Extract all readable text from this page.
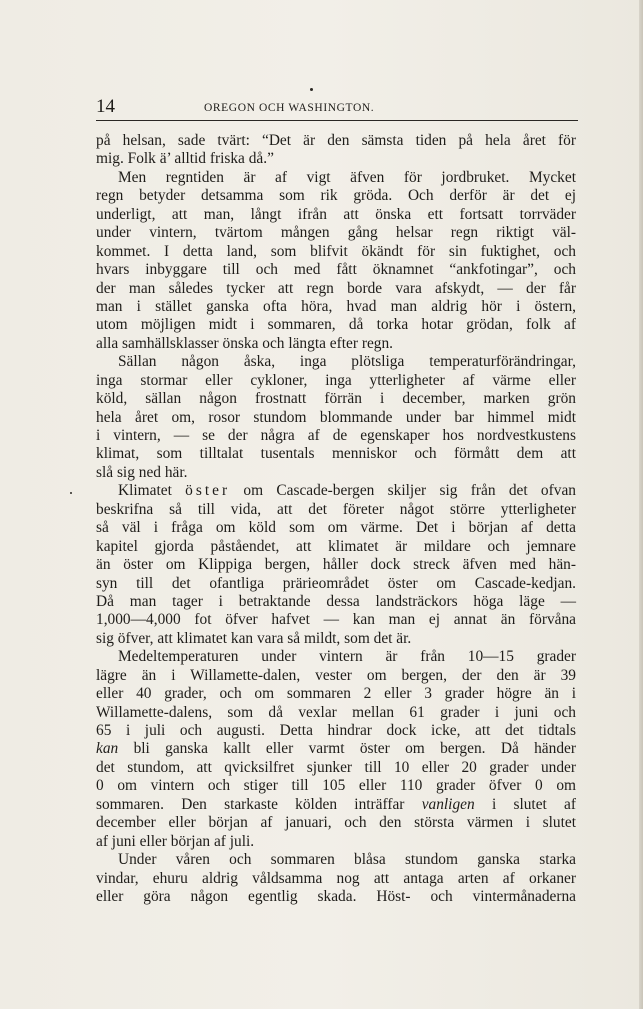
14	OREGON OCH WASHINGTON.
på helsan, sade tvärt: “Det är den sämsta tiden på hela året för
mig. Folk ä’ alltid friska då.”
Men regntiden är af vigt äfven för jordbruket. Mycket
regn betyder detsamma som rik gröda. Och derför är det ej
underligt, att man, långt ifrån att önska ett fortsatt torrväder
under vintern, tvärtom mången gång helsar regn riktigt väl-
kommet. I detta land, som blifvit ökändt för sin fuktighet, och
hvars inbyggare till och med fått öknamnet “ankfotingar”, och
der man således tycker att regn borde vara afskydt, — der får
man i stället ganska ofta höra, hvad man aldrig hör i östern,
utom möjligen midt i sommaren, då torka hotar grödan, folk af
alla samhällsklasser önska och längta efter regn.
Sällan någon åska, inga plötsliga temperaturförändringar,
inga stormar eller cykloner, inga ytterligheter af värme eller
köld, sällan någon frostnatt förrän i december, marken grön
hela året om, rosor stundom blommande under bar himmel midt
i vintern, — se der några af de egenskaper hos nordvestkustens
klimat, som tilltalat tusentals menniskor och förmått dem att
slå sig ned här.
Klimatet öster om Cascade-bergen skiljer sig från det ofvan
beskrifna så till vida, att det företer något större ytterligheter
så väl i fråga om köld som om värme. Det i början af detta
kapitel gjorda påståendet, att klimatet är mildare och jemnare
än öster om Klippiga bergen, håller dock streck äfven med hän-
syn till det ofantliga prärieområdet öster om Cascade-kedjan.
Då man tager i betraktande dessa landsträckors höga läge —
1,000—4,000 fot öfver hafvet — kan man ej annat än förvåna
sig öfver, att klimatet kan vara så mildt, som det är.
Medeltemperaturen under vintern är från 10—15 grader
lägre än i Willamette-dalen, vester om bergen, der den är 39
eller 40 grader, och om sommaren 2 eller 3 grader högre än i
Willamette-dalens, som då vexlar mellan 61 grader i juni och
65 i juli och augusti. Detta hindrar dock icke, att det tidtals
kan bli ganska kallt eller varmt öster om bergen. Då händer
det stundom, att qvicksilfret sjunker till 10 eller 20 grader under
0 om vintern och stiger till 105 eller 110 grader öfver 0 om
sommaren. Den starkaste kölden inträffar vanligen i slutet af
december eller början af januari, och den största värmen i slutet
af juni eller början af juli.
Under våren och sommaren blåsa stundom ganska starka
vindar, ehuru aldrig våldsamma nog att antaga arten af orkaner
eller göra någon egentlig skada. Höst- och vintermånaderna
